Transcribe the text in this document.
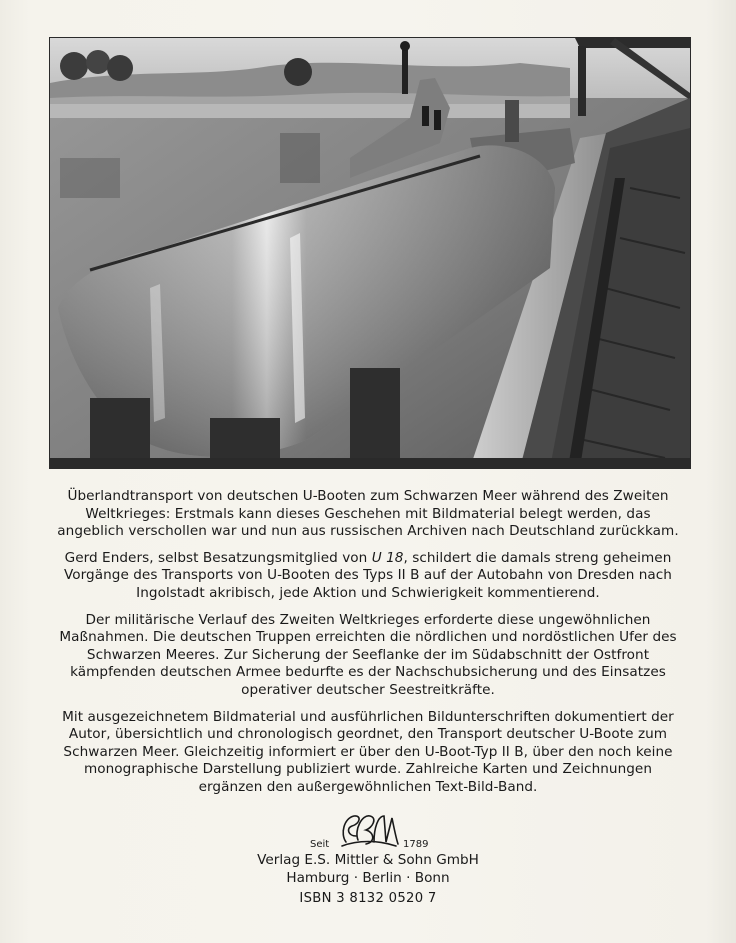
Überlandtransport von deutschen U-Booten zum Schwarzen Meer während des Zweiten Weltkrieges: Erstmals kann dieses Geschehen mit Bildmaterial belegt werden, das angeblich verschollen war und nun aus russischen Archiven nach Deutschland zurückkam.

Gerd Enders, selbst Besatzungsmitglied von U 18, schildert die damals streng geheimen Vorgänge des Transports von U-Booten des Typs II B auf der Autobahn von Dresden nach Ingolstadt akribisch, jede Aktion und Schwierigkeit kommentierend.

Der militärische Verlauf des Zweiten Weltkrieges erforderte diese ungewöhnlichen Maßnahmen. Die deutschen Truppen erreichten die nördlichen und nordöstlichen Ufer des Schwarzen Meeres. Zur Sicherung der Seeflanke der im Südabschnitt der Ostfront kämpfenden deutschen Armee bedurfte es der Nachschubsicherung und des Einsatzes operativer deutscher Seestreitkräfte.

Mit ausgezeichnetem Bildmaterial und ausführlichen Bildunterschriften dokumentiert der Autor, übersichtlich und chronologisch geordnet, den Transport deutscher U-Boote zum Schwarzen Meer. Gleichzeitig informiert er über den U-Boot-Typ II B, über den noch keine monographische Darstellung publiziert wurde. Zahlreiche Karten und Zeichnungen ergänzen den außergewöhnlichen Text-Bild-Band.

Seit	1789
Verlag E.S. Mittler & Sohn GmbH
Hamburg · Berlin · Bonn
ISBN 3 8132 0520 7
